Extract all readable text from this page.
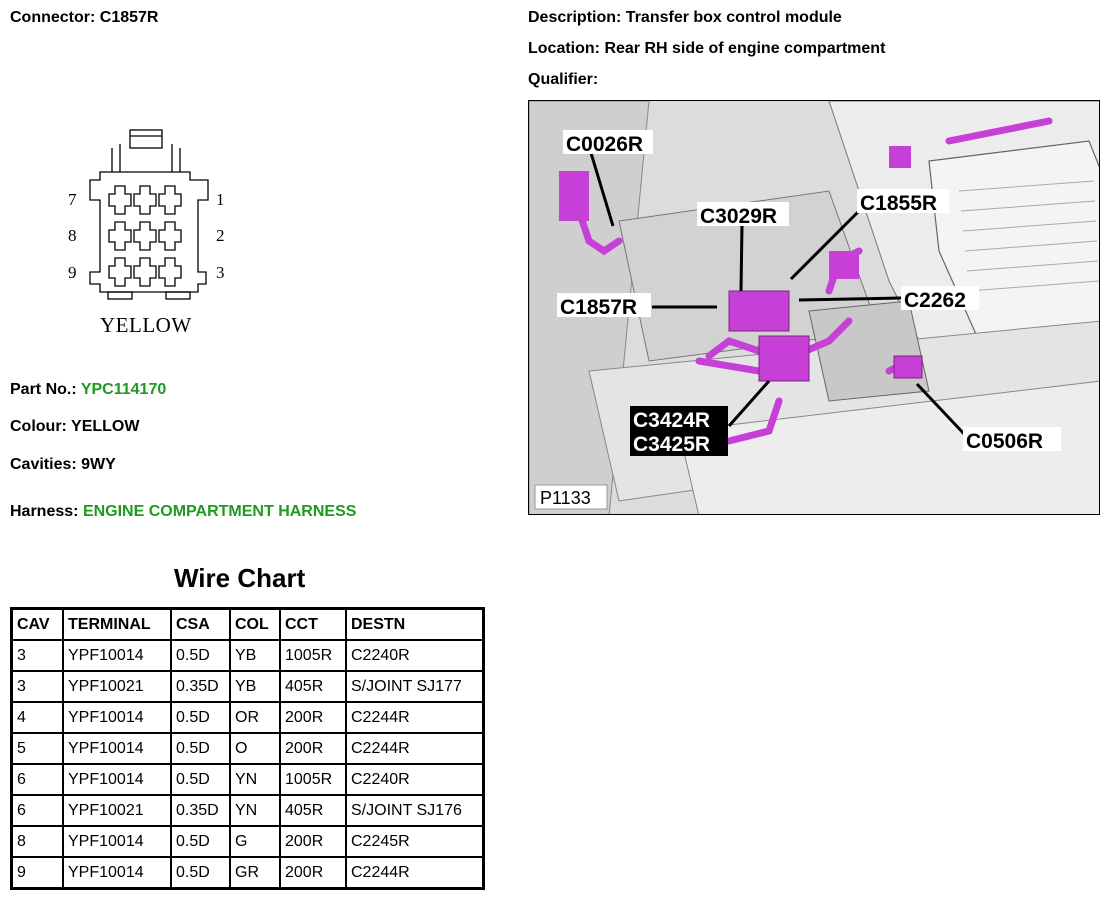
Connector: C1857R	Description: Transfer box control module
Location: Rear RH side of engine compartment
Qualifier:
7
8
9
1
2
3
YELLOW
Part No.: YPC114170
Colour: YELLOW
Cavities: 9WY
Harness: ENGINE COMPARTMENT HARNESS
C0026R
C3029R
C1855R
C1857R	C2262
C3424R
C3425R	C0506R
P1133
Wire Chart
CAV	TERMINAL	CSA	COL	CCT	DESTN
3	YPF10014	0.5D	YB	1005R	C2240R
3	YPF10021	0.35D	YB	405R	S/JOINT SJ177
4	YPF10014	0.5D	OR	200R	C2244R
5	YPF10014	0.5D	O	200R	C2244R
6	YPF10014	0.5D	YN	1005R	C2240R
6	YPF10021	0.35D	YN	405R	S/JOINT SJ176
8	YPF10014	0.5D	G	200R	C2245R
9	YPF10014	0.5D	GR	200R	C2244R
